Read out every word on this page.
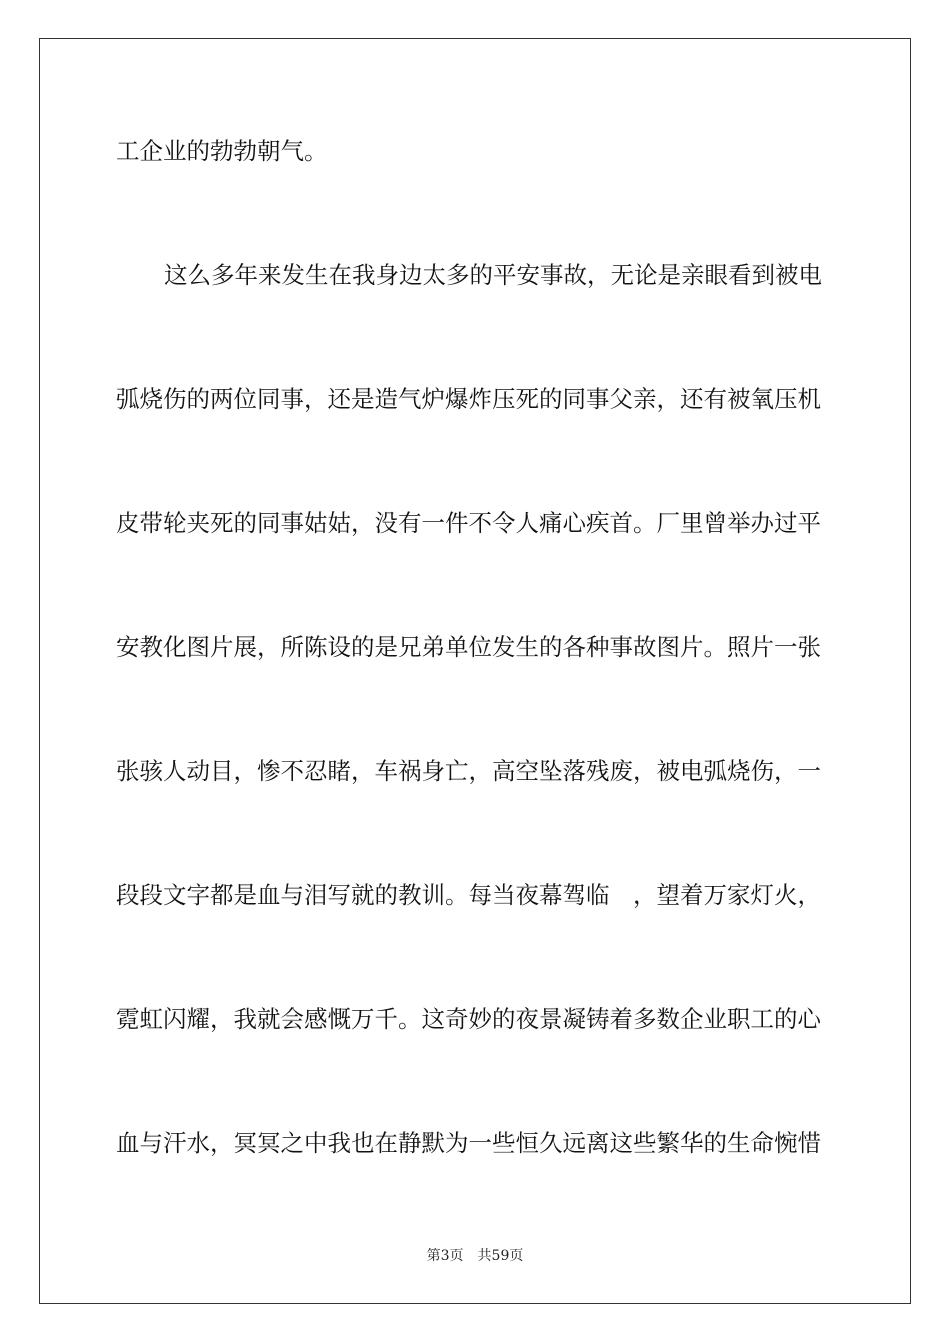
工企业的勃勃朝气。
这么多年来发生在我身边太多的平安事故，无论是亲眼看到被电
弧烧伤的两位同事，还是造气炉爆炸压死的同事父亲，还有被氧压机
皮带轮夹死的同事姑姑，没有一件不令人痛心疾首。厂里曾举办过平
安教化图片展，所陈设的是兄弟单位发生的各种事故图片。照片一张
张骇人动目，惨不忍睹，车祸身亡，高空坠落残废，被电弧烧伤，一
段段文字都是血与泪写就的教训。每当夜幕驾临　，望着万家灯火，
霓虹闪耀，我就会感慨万千。这奇妙的夜景凝铸着多数企业职工的心
血与汗水，冥冥之中我也在静默为一些恒久远离这些繁华的生命惋惜
第3页 共59页
